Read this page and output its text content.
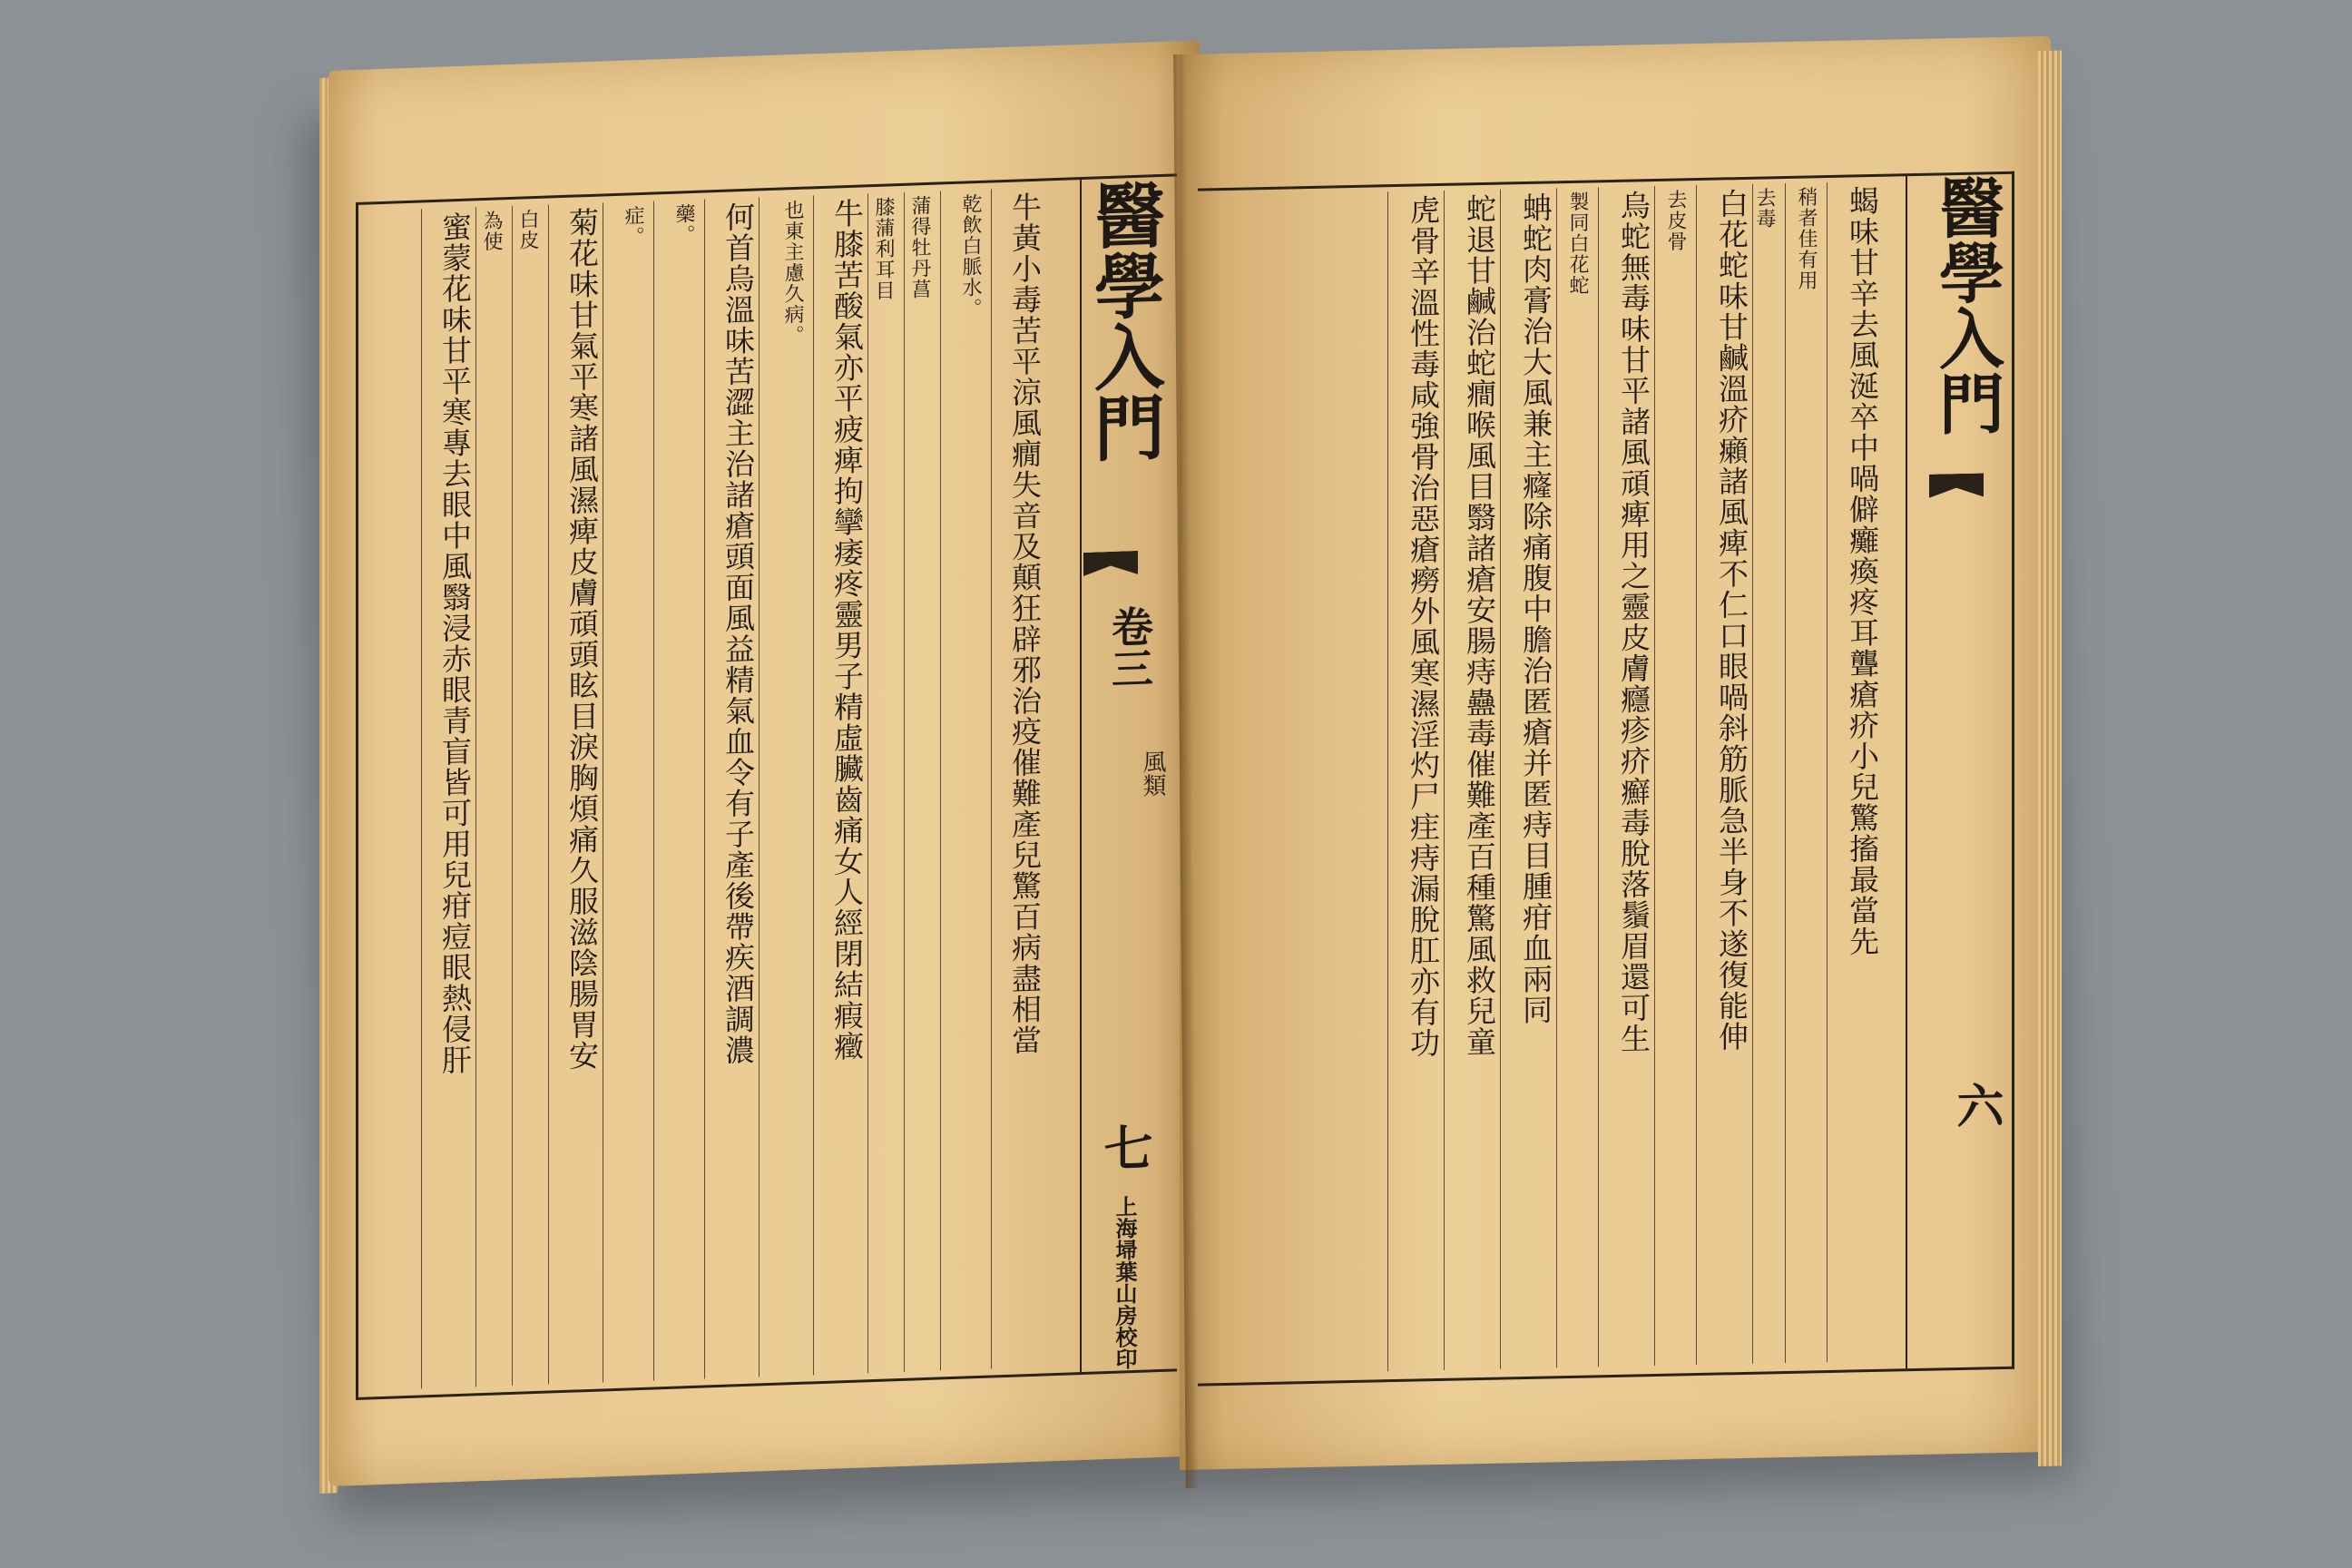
醫學入門
卷三
風類
七
上海埽葉山房校印
牛黃小毒苦平涼風癇失音及顛狂辟邪治疫催難產兒驚百病盡相當
乾飲白脈水。
蒲得牡丹菖
膝蒲利耳目
牛膝苦酸氣亦平疲痺拘攣痿疼靈男子精虛臟齒痛女人經閉結瘕癥
也東主慮久病。
何首烏溫味苦澀主治諸瘡頭面風益精氣血令有子產後帶疾酒調濃
藥。
症。
菊花味甘氣平寒諸風濕痺皮膚頑頭眩目淚胸煩痛久服滋陰腸胃安
白皮
為使
蜜蒙花味甘平寒專去眼中風翳浸赤眼青盲皆可用兒疳痘眼熱侵肝	醫學入門
六
蝎味甘辛去風涎卒中喎僻癱瘓疼耳聾瘡疥小兒驚搐最當先
稍者佳有用
去毒
白花蛇味甘鹹溫疥癩諸風痺不仁口眼喎斜筋脈急半身不遂復能伸
去皮骨
烏蛇無毒味甘平諸風頑痺用之靈皮膚癮疹疥癬毒脫落鬚眉還可生
製同白花蛇
蚺蛇肉膏治大風兼主癃除痛腹中膽治匿瘡并匿痔目腫疳血兩同
蛇退甘鹹治蛇癎喉風目翳諸瘡安腸痔蠱毒催難產百種驚風救兒童
虎骨辛溫性毒咸強骨治惡瘡癆外風寒濕淫灼尸疰痔漏脫肛亦有功
